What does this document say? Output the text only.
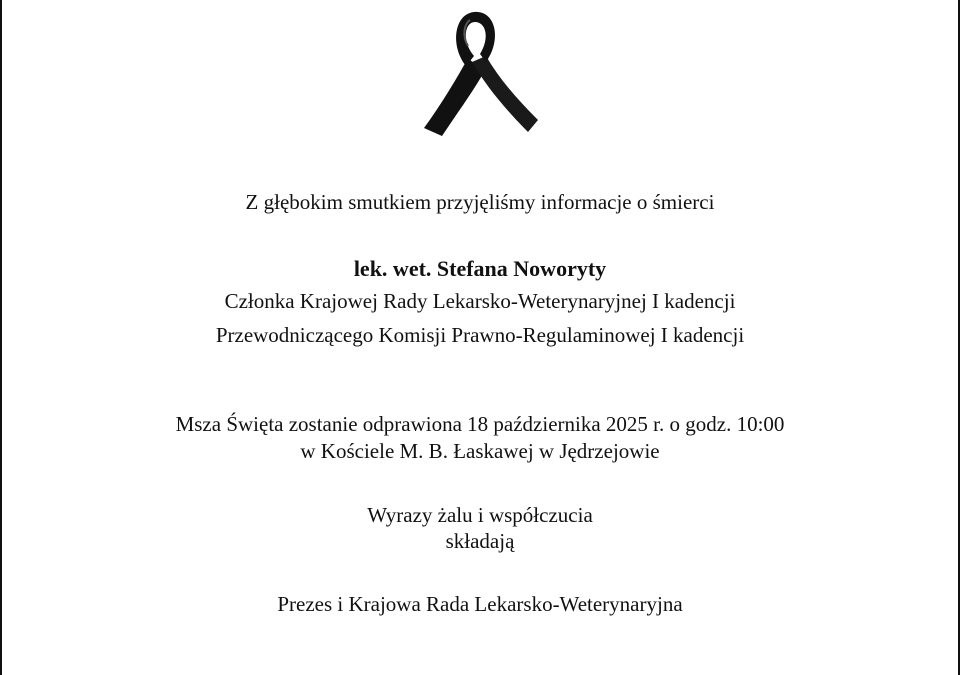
Z głębokim smutkiem przyjęliśmy informacje o śmierci
lek. wet. Stefana Noworyty
Członka Krajowej Rady Lekarsko-Weterynaryjnej I kadencji
Przewodniczącego Komisji Prawno-Regulaminowej I kadencji
Msza Święta zostanie odprawiona 18 października 2025 r. o godz. 10:00
w Kościele M. B. Łaskawej w Jędrzejowie
Wyrazy żalu i współczucia
składają
Prezes i Krajowa Rada Lekarsko-Weterynaryjna
